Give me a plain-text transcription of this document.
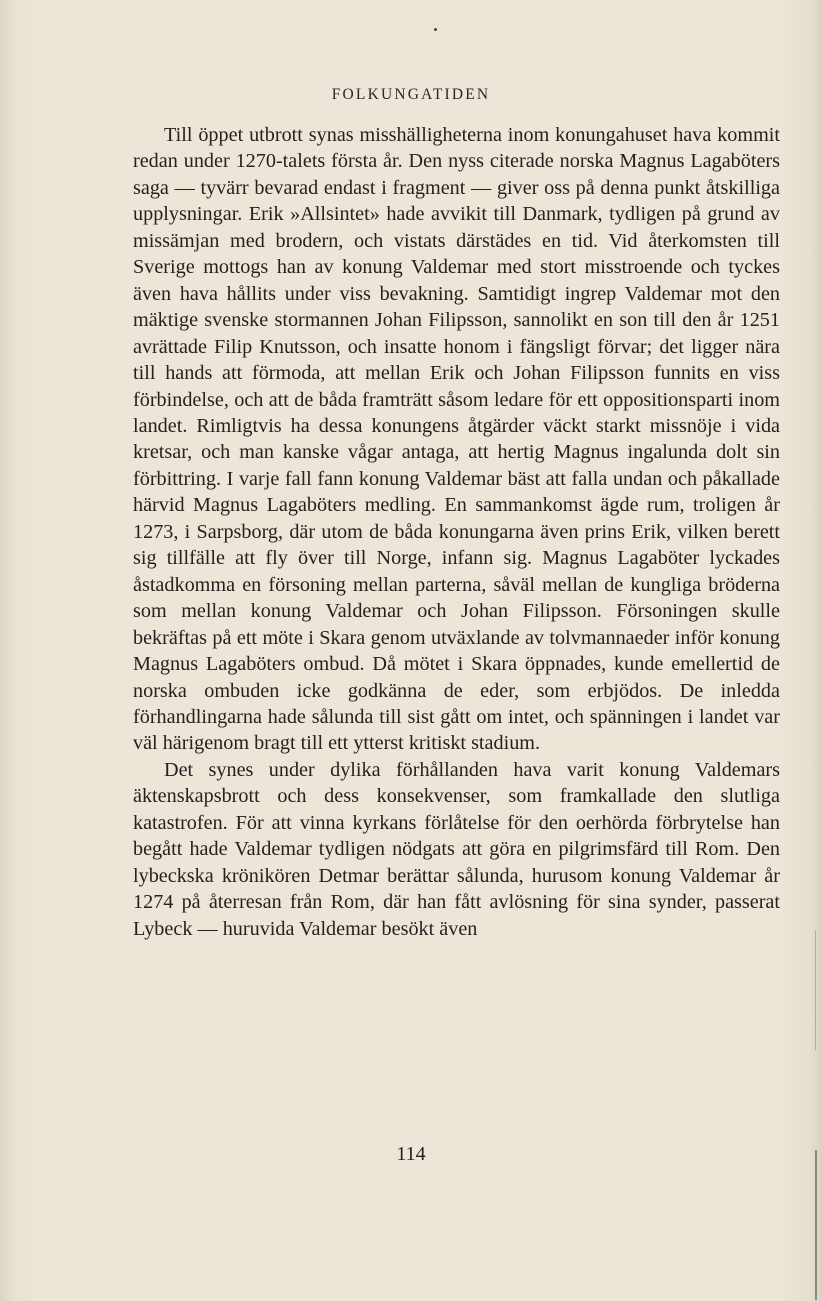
FOLKUNGATIDEN

Till öppet utbrott synas misshälligheterna inom konungahuset hava kommit redan under 1270-talets första år. Den nyss citerade norska Magnus Lagaböters saga — tyvärr bevarad endast i fragment — giver oss på denna punkt åtskilliga upplysningar. Erik »Allsintet» hade avvikit till Danmark, tydligen på grund av missämjan med brodern, och vistats därstädes en tid. Vid återkomsten till Sverige mottogs han av konung Valdemar med stort misstroende och tyckes även hava hållits under viss bevakning. Samtidigt ingrep Valdemar mot den mäktige svenske stormannen Johan Filipsson, sannolikt en son till den år 1251 avrättade Filip Knutsson, och insatte honom i fängsligt förvar; det ligger nära till hands att förmoda, att mellan Erik och Johan Filipsson funnits en viss förbindelse, och att de båda framträtt såsom ledare för ett oppositionsparti inom landet. Rimligtvis ha dessa konungens åtgärder väckt starkt missnöje i vida kretsar, och man kanske vågar antaga, att hertig Magnus ingalunda dolt sin förbittring. I varje fall fann konung Valdemar bäst att falla undan och påkallade härvid Magnus Lagaböters medling. En sammankomst ägde rum, troligen år 1273, i Sarpsborg, där utom de båda konungarna även prins Erik, vilken berett sig tillfälle att fly över till Norge, infann sig. Magnus Lagaböter lyckades åstadkomma en försoning mellan parterna, såväl mellan de kungliga bröderna som mellan konung Valdemar och Johan Filipsson. Försoningen skulle bekräftas på ett möte i Skara genom utväxlande av tolvmannaeder inför konung Magnus Lagaböters ombud. Då mötet i Skara öppnades, kunde emellertid de norska ombuden icke godkänna de eder, som erbjödos. De inledda förhandlingarna hade sålunda till sist gått om intet, och spänningen i landet var väl härigenom bragt till ett ytterst kritiskt stadium.

Det synes under dylika förhållanden hava varit konung Valdemars äktenskapsbrott och dess konsekvenser, som framkallade den slutliga katastrofen. För att vinna kyrkans förlåtelse för den oerhörda förbrytelse han begått hade Valdemar tydligen nödgats att göra en pilgrimsfärd till Rom. Den lybeckska krönikören Detmar berättar sålunda, hurusom konung Valdemar år 1274 på återresan från Rom, där han fått avlösning för sina synder, passerat Lybeck — huruvida Valdemar besökt även

114
